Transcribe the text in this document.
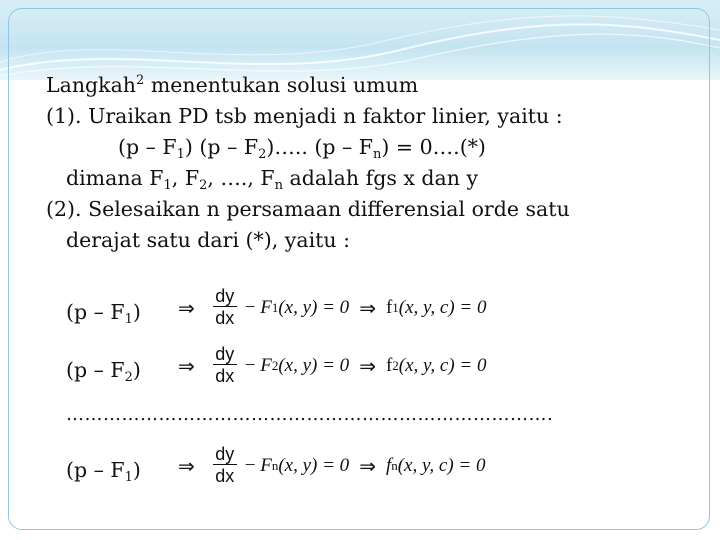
Langkah$^2$ menentukan solusi umum
(1). Uraikan PD tsb menjadi n faktor linier, yaitu :
$(p - F_1)$ $(p - F_2)\dots$.. $(p - F_n)$ = 0….(*)
dimana $F_1$, $F_2$, …., $F_n$ adalah fgs x dan y
(2). Selesaikan n persamaan differensial orde satu
derajat satu dari (*), yaitu :
$(p - F_1)$ ⇒ $\frac{dy}{dx}$ −
F 1 (x, y) = 0 ⇒ f 1 (x, y, c) = 0
$(p - F_2)$ ⇒ $\frac{dy}{dx}$ −
F 2 (x, y) = 0 ⇒ f 2 (x, y, c) = 0
…………………………………………………………………….
$(p - F_1)$ ⇒ $\frac{dy}{dx}$ −
F n (x, y) = 0 ⇒ f n (x, y, c) = 0
